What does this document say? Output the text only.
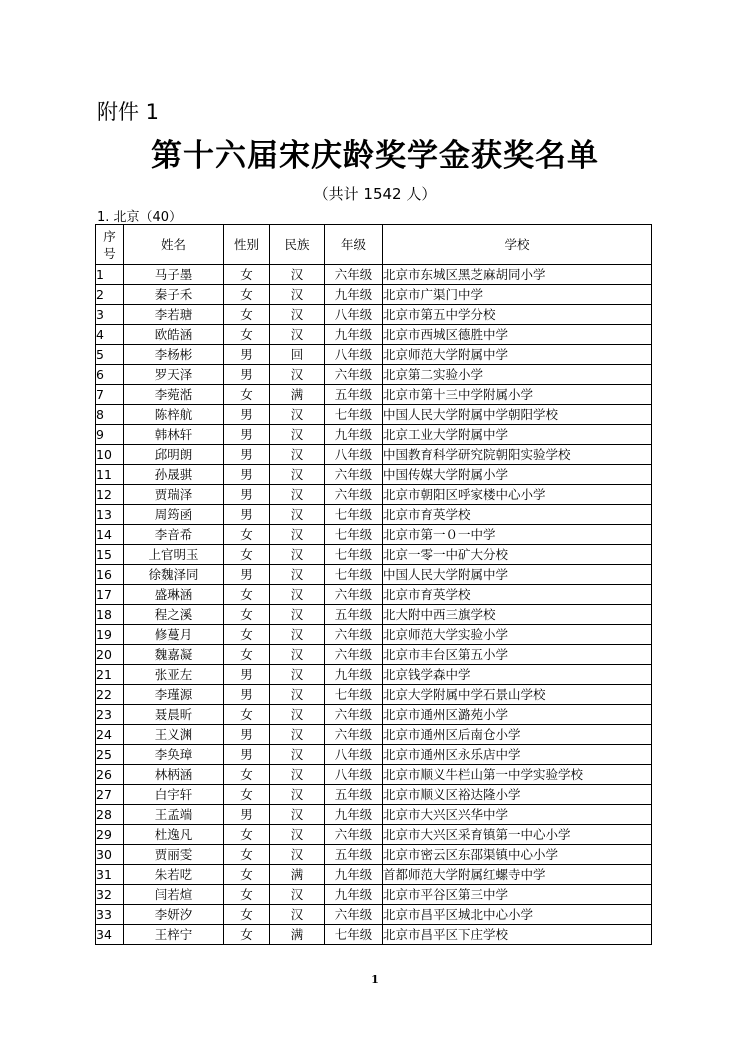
附件 1
第十六届宋庆龄奖学金获奖名单
（共计 1542 人）
1. 北京（40）
序号	姓名	性别	民族	年级	学校
1	马子墨	女	汉	六年级	北京市东城区黑芝麻胡同小学
2	秦子禾	女	汉	九年级	北京市广渠门中学
3	李若瑭	女	汉	八年级	北京市第五中学分校
4	欧皓涵	女	汉	九年级	北京市西城区德胜中学
5	李杨彬	男	回	八年级	北京师范大学附属中学
6	罗天泽	男	汉	六年级	北京第二实验小学
7	李菀湉	女	满	五年级	北京市第十三中学附属小学
8	陈梓航	男	汉	七年级	中国人民大学附属中学朝阳学校
9	韩林轩	男	汉	九年级	北京工业大学附属中学
10	邱明朗	男	汉	八年级	中国教育科学研究院朝阳实验学校
11	孙晟骐	男	汉	六年级	中国传媒大学附属小学
12	贾瑞泽	男	汉	六年级	北京市朝阳区呼家楼中心小学
13	周筠函	男	汉	七年级	北京市育英学校
14	李音希	女	汉	七年级	北京市第一０一中学
15	上官明玉	女	汉	七年级	北京一零一中矿大分校
16	徐魏泽同	男	汉	七年级	中国人民大学附属中学
17	盛琳涵	女	汉	六年级	北京市育英学校
18	程之溪	女	汉	五年级	北大附中西三旗学校
19	修蔓月	女	汉	六年级	北京师范大学实验小学
20	魏嘉凝	女	汉	六年级	北京市丰台区第五小学
21	张亚左	男	汉	九年级	北京钱学森中学
22	李瑾源	男	汉	七年级	北京大学附属中学石景山学校
23	聂晨昕	女	汉	六年级	北京市通州区潞苑小学
24	王义渊	男	汉	六年级	北京市通州区后南仓小学
25	李奂璋	男	汉	八年级	北京市通州区永乐店中学
26	林柄涵	女	汉	八年级	北京市顺义牛栏山第一中学实验学校
27	白宇轩	女	汉	五年级	北京市顺义区裕达隆小学
28	王孟端	男	汉	九年级	北京市大兴区兴华中学
29	杜逸凡	女	汉	六年级	北京市大兴区采育镇第一中心小学
30	贾丽雯	女	汉	五年级	北京市密云区东邵渠镇中心小学
31	朱若呓	女	满	九年级	首都师范大学附属红螺寺中学
32	闫若煊	女	汉	九年级	北京市平谷区第三中学
33	李妍汐	女	汉	六年级	北京市昌平区城北中心小学
34	王梓宁	女	满	七年级	北京市昌平区下庄学校
1
